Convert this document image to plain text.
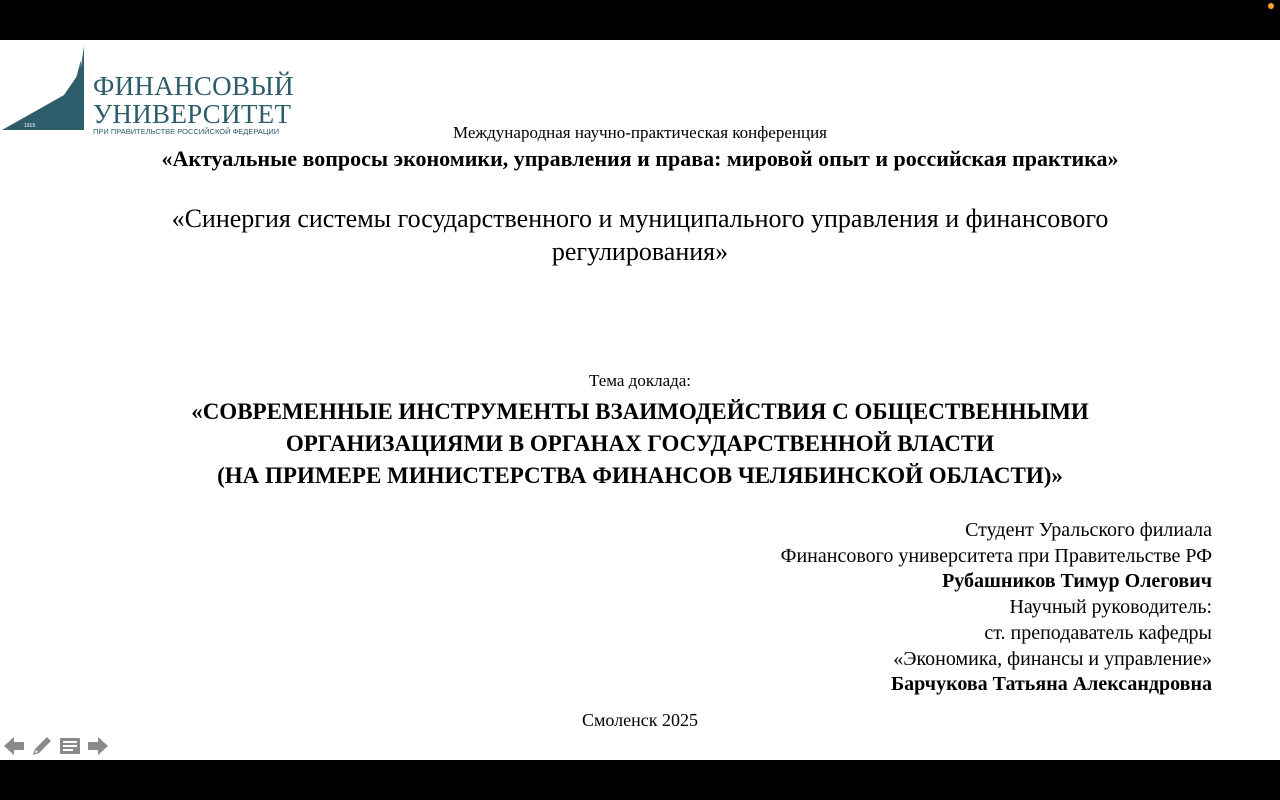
1919
ФИНАНСОВЫЙ
УНИВЕРСИТЕТ
ПРИ ПРАВИТЕЛЬСТВЕ РОССИЙСКОЙ ФЕДЕРАЦИИ	Международная научно-практическая конференция
«Актуальные вопросы экономики, управления и права: мировой опыт и российская практика»
«Синергия системы государственного и муниципального управления и финансового
регулирования»
Тема доклада:
«СОВРЕМЕННЫЕ ИНСТРУМЕНТЫ ВЗАИМОДЕЙСТВИЯ С ОБЩЕСТВЕННЫМИ
ОРГАНИЗАЦИЯМИ В ОРГАНАХ ГОСУДАРСТВЕННОЙ ВЛАСТИ
(НА ПРИМЕРЕ МИНИСТЕРСТВА ФИНАНСОВ ЧЕЛЯБИНСКОЙ ОБЛАСТИ)»
Студент Уральского филиала
Финансового университета при Правительстве РФ
Рубашников Тимур Олегович
Научный руководитель:
ст. преподаватель кафедры
«Экономика, финансы и управление»
Барчукова Татьяна Александровна
Смоленск 2025
